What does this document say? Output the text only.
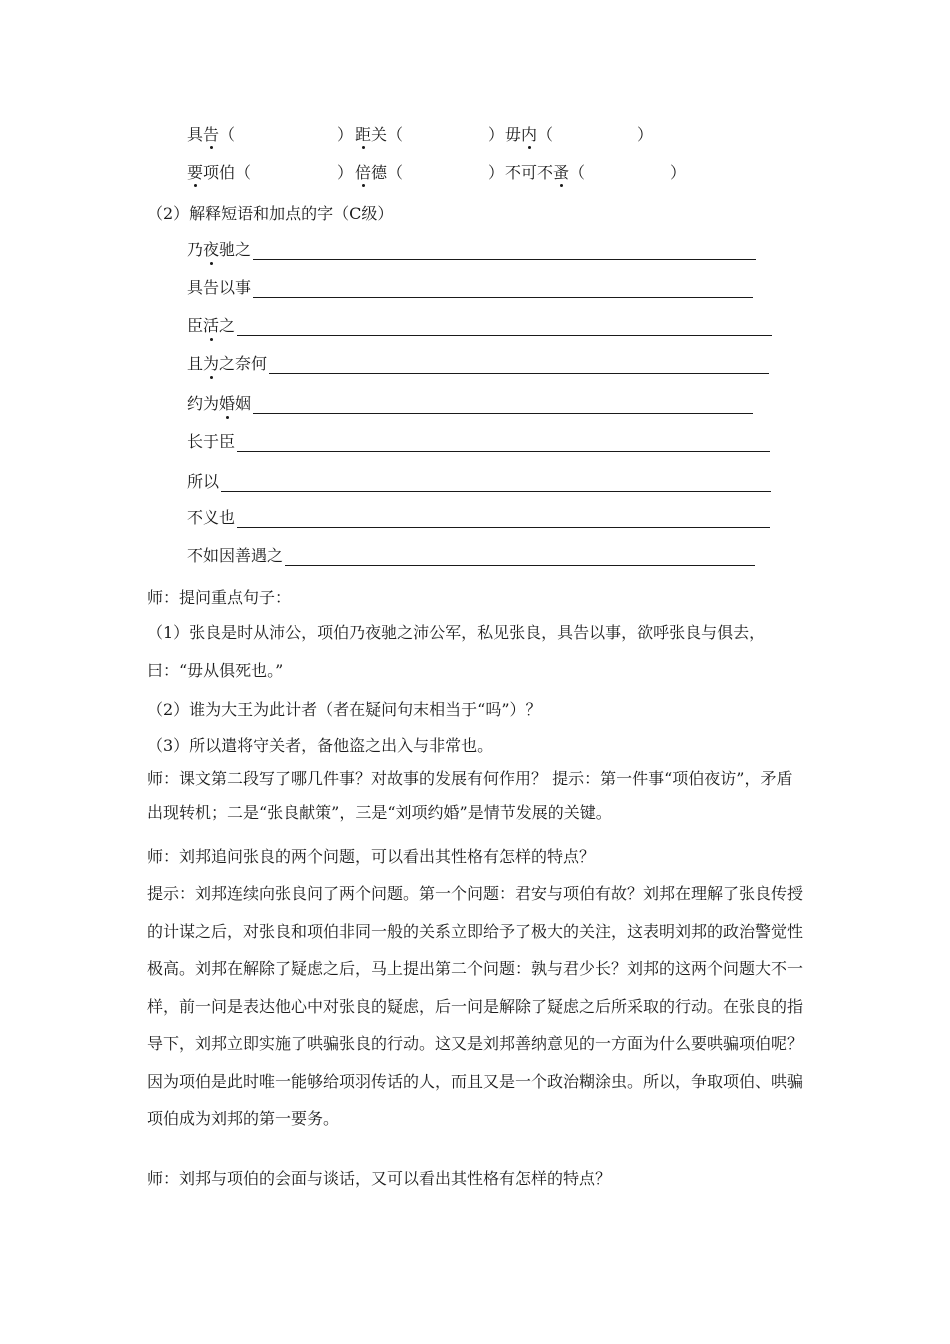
具告（	） 距关（	） 毋内（	）
要项伯（	） 倍德（	） 不可不蚤（	）
（2）解释短语和加点的字（C级）
乃 夜 驰之
具告以事
臣 活 之
且 为 之奈何
约为 婚 姻
长于臣
所以
不义也
不如因善遇之
师：提问重点句子：
（1）张良是时从沛公，项伯乃夜驰之沛公军，私见张良，具告以事，欲呼张良与俱去，
曰：“毋从俱死也。”
（2）谁为大王为此计者（者在疑问句末相当于“吗”）？
（3）所以遣将守关者，备他盗之出入与非常也。
师：课文第二段写了哪几件事？对故事的发展有何作用？ 提示：第一件事“项伯夜访”，矛盾出现转机；二是“张良献策”，三是“刘项约婚”是情节发展的关键。
师：刘邦追问张良的两个问题，可以看出其性格有怎样的特点？
提示：刘邦连续向张良问了两个问题。第一个问题：君安与项伯有故？刘邦在理解了张良传授的计谋之后，对张良和项伯非同一般的关系立即给予了极大的关注，这表明刘邦的政治警觉性极高。刘邦在解除了疑虑之后，马上提出第二个问题：孰与君少长？刘邦的这两个问题大不一样，前一问是表达他心中对张良的疑虑，后一问是解除了疑虑之后所采取的行动。在张良的指导下，刘邦立即实施了哄骗张良的行动。这又是刘邦善纳意见的一方面为什么要哄骗项伯呢？因为项伯是此时唯一能够给项羽传话的人，而且又是一个政治糊涂虫。所以，争取项伯、哄骗项伯成为刘邦的第一要务。
师：刘邦与项伯的会面与谈话，又可以看出其性格有怎样的特点？
